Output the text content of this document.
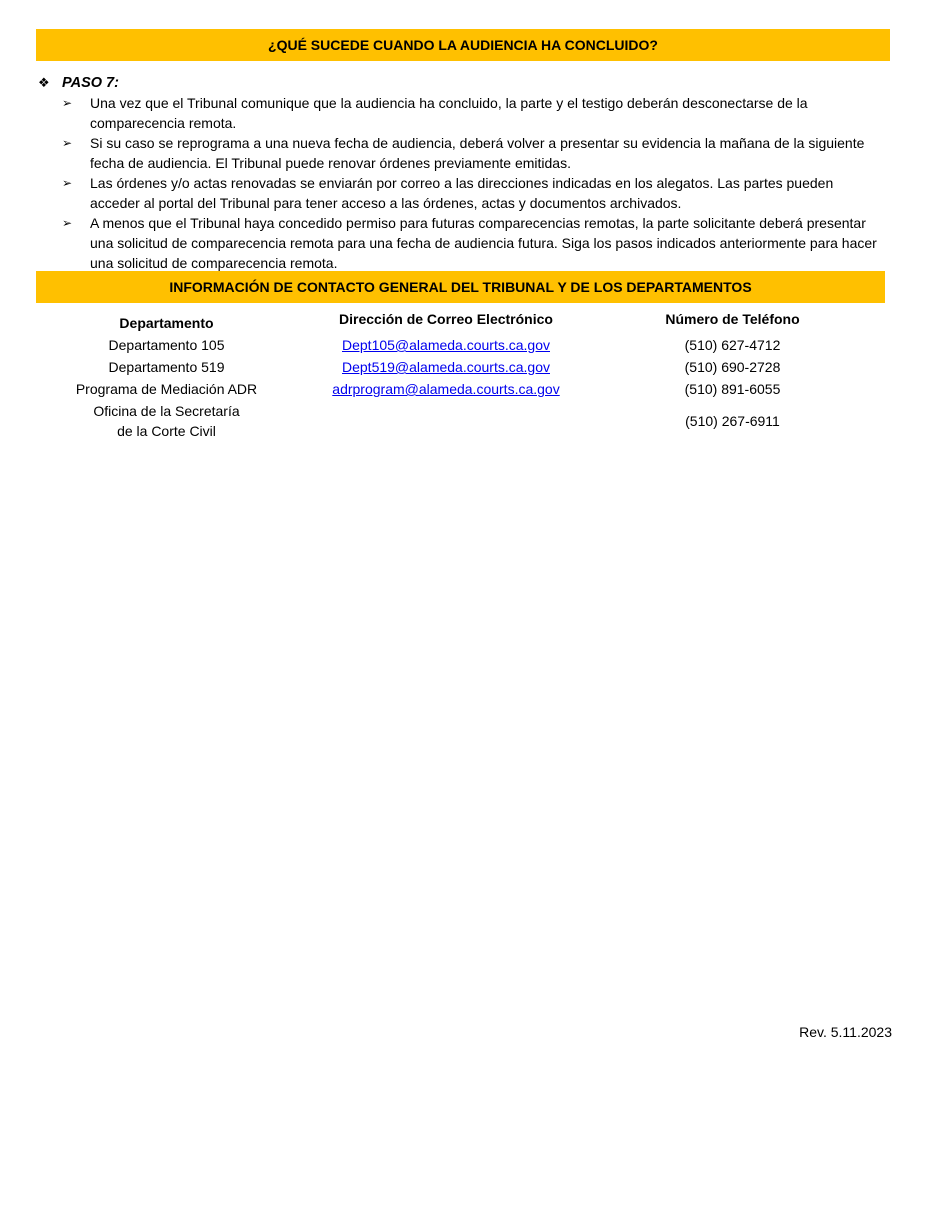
¿QUÉ SUCEDE CUANDO LA AUDIENCIA HA CONCLUIDO?
❖ PASO 7:
➢ Una vez que el Tribunal comunique que la audiencia ha concluido, la parte y el testigo deberán desconectarse de la comparecencia remota.
➢ Si su caso se reprograma a una nueva fecha de audiencia, deberá volver a presentar su evidencia la mañana de la siguiente fecha de audiencia. El Tribunal puede renovar órdenes previamente emitidas.
➢ Las órdenes y/o actas renovadas se enviarán por correo a las direcciones indicadas en los alegatos. Las partes pueden acceder al portal del Tribunal para tener acceso a las órdenes, actas y documentos archivados.
➢ A menos que el Tribunal haya concedido permiso para futuras comparecencias remotas, la parte solicitante deberá presentar una solicitud de comparecencia remota para una fecha de audiencia futura. Siga los pasos indicados anteriormente para hacer una solicitud de comparecencia remota.
INFORMACIÓN DE CONTACTO GENERAL DEL TRIBUNAL Y DE LOS DEPARTAMENTOS
Departamento
Departamento 105
Departamento 519
Programa de Mediación ADR
Oficina de la Secretaría
de la Corte Civil
Dirección de Correo Electrónico
Dept105@alameda.courts.ca.gov
Dept519@alameda.courts.ca.gov
adrprogram@alameda.courts.ca.gov
Número de Teléfono
(510) 627-4712
(510) 690-2728
(510) 891-6055
(510) 267-6911
Rev. 5.11.2023
